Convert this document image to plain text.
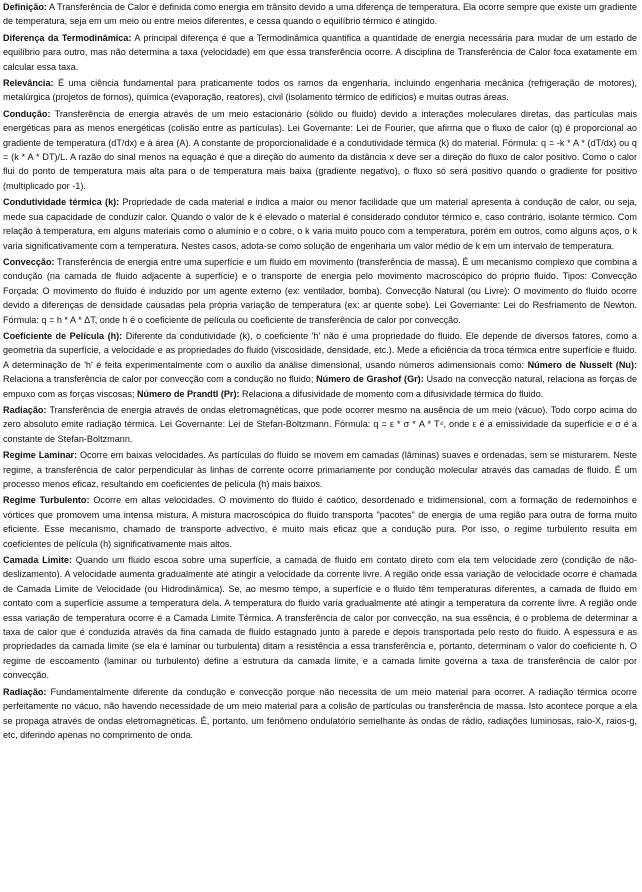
Definição: A Transferência de Calor é definida como energia em trânsito devido a uma diferença de temperatura. Ela ocorre sempre que existe um gradiente de temperatura, seja em um meio ou entre meios diferentes, e cessa quando o equilíbrio térmico é atingido.

Diferença da Termodinâmica: A principal diferença é que a Termodinâmica quantifica a quantidade de energia necessária para mudar de um estado de equilíbrio para outro, mas não determina a taxa (velocidade) em que essa transferência ocorre. A disciplina de Transferência de Calor foca exatamente em calcular essa taxa.

Relevância: É uma ciência fundamental para praticamente todos os ramos da engenharia, incluindo engenharia mecânica (refrigeração de motores), metalúrgica (projetos de fornos), química (evaporação, reatores), civil (isolamento térmico de edifícios) e muitas outras áreas.

Condução: Transferência de energia através de um meio estacionário (sólido ou fluido) devido a interações moleculares diretas, das partículas mais energéticas para as menos energéticas (colisão entre as partículas). Lei Governante: Lei de Fourier, que afirma que o fluxo de calor (q) é proporcional ao gradiente de temperatura (dT/dx) e à área (A). A constante de proporcionalidade é a condutividade térmica (k) do material. Fórmula: q = -k * A * (dT/dx) ou q = (k * A * DT)/L. A razão do sinal menos na equação é que a direção do aumento da distância x deve ser a direção do fluxo de calor positivo. Como o calor flui do ponto de temperatura mais alta para o de temperatura mais baixa (gradiente negativo), o fluxo só será positivo quando o gradiente for positivo (multiplicado por -1).

Condutividade térmica (k): Propriedade de cada material e indica a maior ou menor facilidade que um material apresenta à condução de calor, ou seja, mede sua capacidade de conduzir calor. Quando o valor de k é elevado o material é considerado condutor térmico e, caso contrário, isolante térmico. Com relação à temperatura, em alguns materiais como o alumínio e o cobre, o k varia muito pouco com a temperatura, porém em outros, como alguns aços, o k varia significativamente com a temperatura. Nestes casos, adota-se como solução de engenharia um valor médio de k em um intervalo de temperatura.

Convecção: Transferência de energia entre uma superfície e um fluido em movimento (transferência de massa). É um mecanismo complexo que combina a condução (na camada de fluido adjacente à superfície) e o transporte de energia pelo movimento macroscópico do próprio fluido. Tipos: Convecção Forçada: O movimento do fluido é induzido por um agente externo (ex: ventilador, bomba). Convecção Natural (ou Livre): O movimento do fluido ocorre devido a diferenças de densidade causadas pela própria variação de temperatura (ex: ar quente sobe). Lei Governante: Lei do Resfriamento de Newton. Fórmula: q = h * A * ΔT, onde h é o coeficiente de película ou coeficiente de transferência de calor por convecção.

Coeficiente de Película (h): Diferente da condutividade (k), o coeficiente 'h' não é uma propriedade do fluido. Ele depende de diversos fatores, como a geometria da superfície, a velocidade e as propriedades do fluido (viscosidade, densidade, etc.). Mede a eficiência da troca térmica entre superfície e fluido. A determinação de 'h' é feita experimentalmente com o auxílio da análise dimensional, usando números adimensionais como: Número de Nusselt (Nu): Relaciona a transferência de calor por convecção com a condução no fluido; Número de Grashof (Gr): Usado na convecção natural, relaciona as forças de empuxo com as forças viscosas; Número de Prandtl (Pr): Relaciona a difusividade de momento com a difusividade térmica do fluido.

Radiação: Transferência de energia através de ondas eletromagnéticas, que pode ocorrer mesmo na ausência de um meio (vácuo). Todo corpo acima do zero absoluto emite radiação térmica. Lei Governante: Lei de Stefan-Boltzmann. Fórmula: q = ε * σ * A * T⁴, onde ε é a emissividade da superfície e σ é a constante de Stefan-Boltzmann.

Regime Laminar: Ocorre em baixas velocidades. As partículas do fluido se movem em camadas (lâminas) suaves e ordenadas, sem se misturarem. Neste regime, a transferência de calor perpendicular às linhas de corrente ocorre primariamente por condução molecular através das camadas de fluido. É um processo menos eficaz, resultando em coeficientes de película (h) mais baixos.

Regime Turbulento: Ocorre em altas velocidades. O movimento do fluido é caótico, desordenado e tridimensional, com a formação de redemoinhos e vórtices que promovem uma intensa mistura. A mistura macroscópica do fluido transporta "pacotes" de energia de uma região para outra de forma muito eficiente. Esse mecanismo, chamado de transporte advectivo, é muito mais eficaz que a condução pura. Por isso, o regime turbulento resulta em coeficientes de película (h) significativamente mais altos.

Camada Limite: Quando um fluido escoa sobre uma superfície, a camada de fluido em contato direto com ela tem velocidade zero (condição de não-deslizamento). A velocidade aumenta gradualmente até atingir a velocidade da corrente livre. A região onde essa variação de velocidade ocorre é chamada de Camada Limite de Velocidade (ou Hidrodinâmica). Se, ao mesmo tempo, a superfície e o fluido têm temperaturas diferentes, a camada de fluido em contato com a superfície assume a temperatura dela. A temperatura do fluido varia gradualmente até atingir a temperatura da corrente livre. A região onde essa variação de temperatura ocorre é a Camada Limite Térmica. A transferência de calor por convecção, na sua essência, é o problema de determinar a taxa de calor que é conduzida através da fina camada de fluido estagnado junto à parede e depois transportada pelo resto do fluido. A espessura e as propriedades da camada limite (se ela é laminar ou turbulenta) ditam a resistência a essa transferência e, portanto, determinam o valor do coeficiente h. O regime de escoamento (laminar ou turbulento) define a estrutura da camada limite, e a camada limite governa a taxa de transferência de calor por convecção.

Radiação: Fundamentalmente diferente da condução e convecção porque não necessita de um meio material para ocorrer. A radiação térmica ocorre perfeitamente no vácuo, não havendo necessidade de um meio material para a colisão de partículas ou transferência de massa. Isto acontece porque a ela se propaga através de ondas eletromagnéticas. É, portanto, um fenômeno ondulatório semelhante às ondas de rádio, radiações luminosas, raio-X, raios-g, etc, diferindo apenas no comprimento de onda.
